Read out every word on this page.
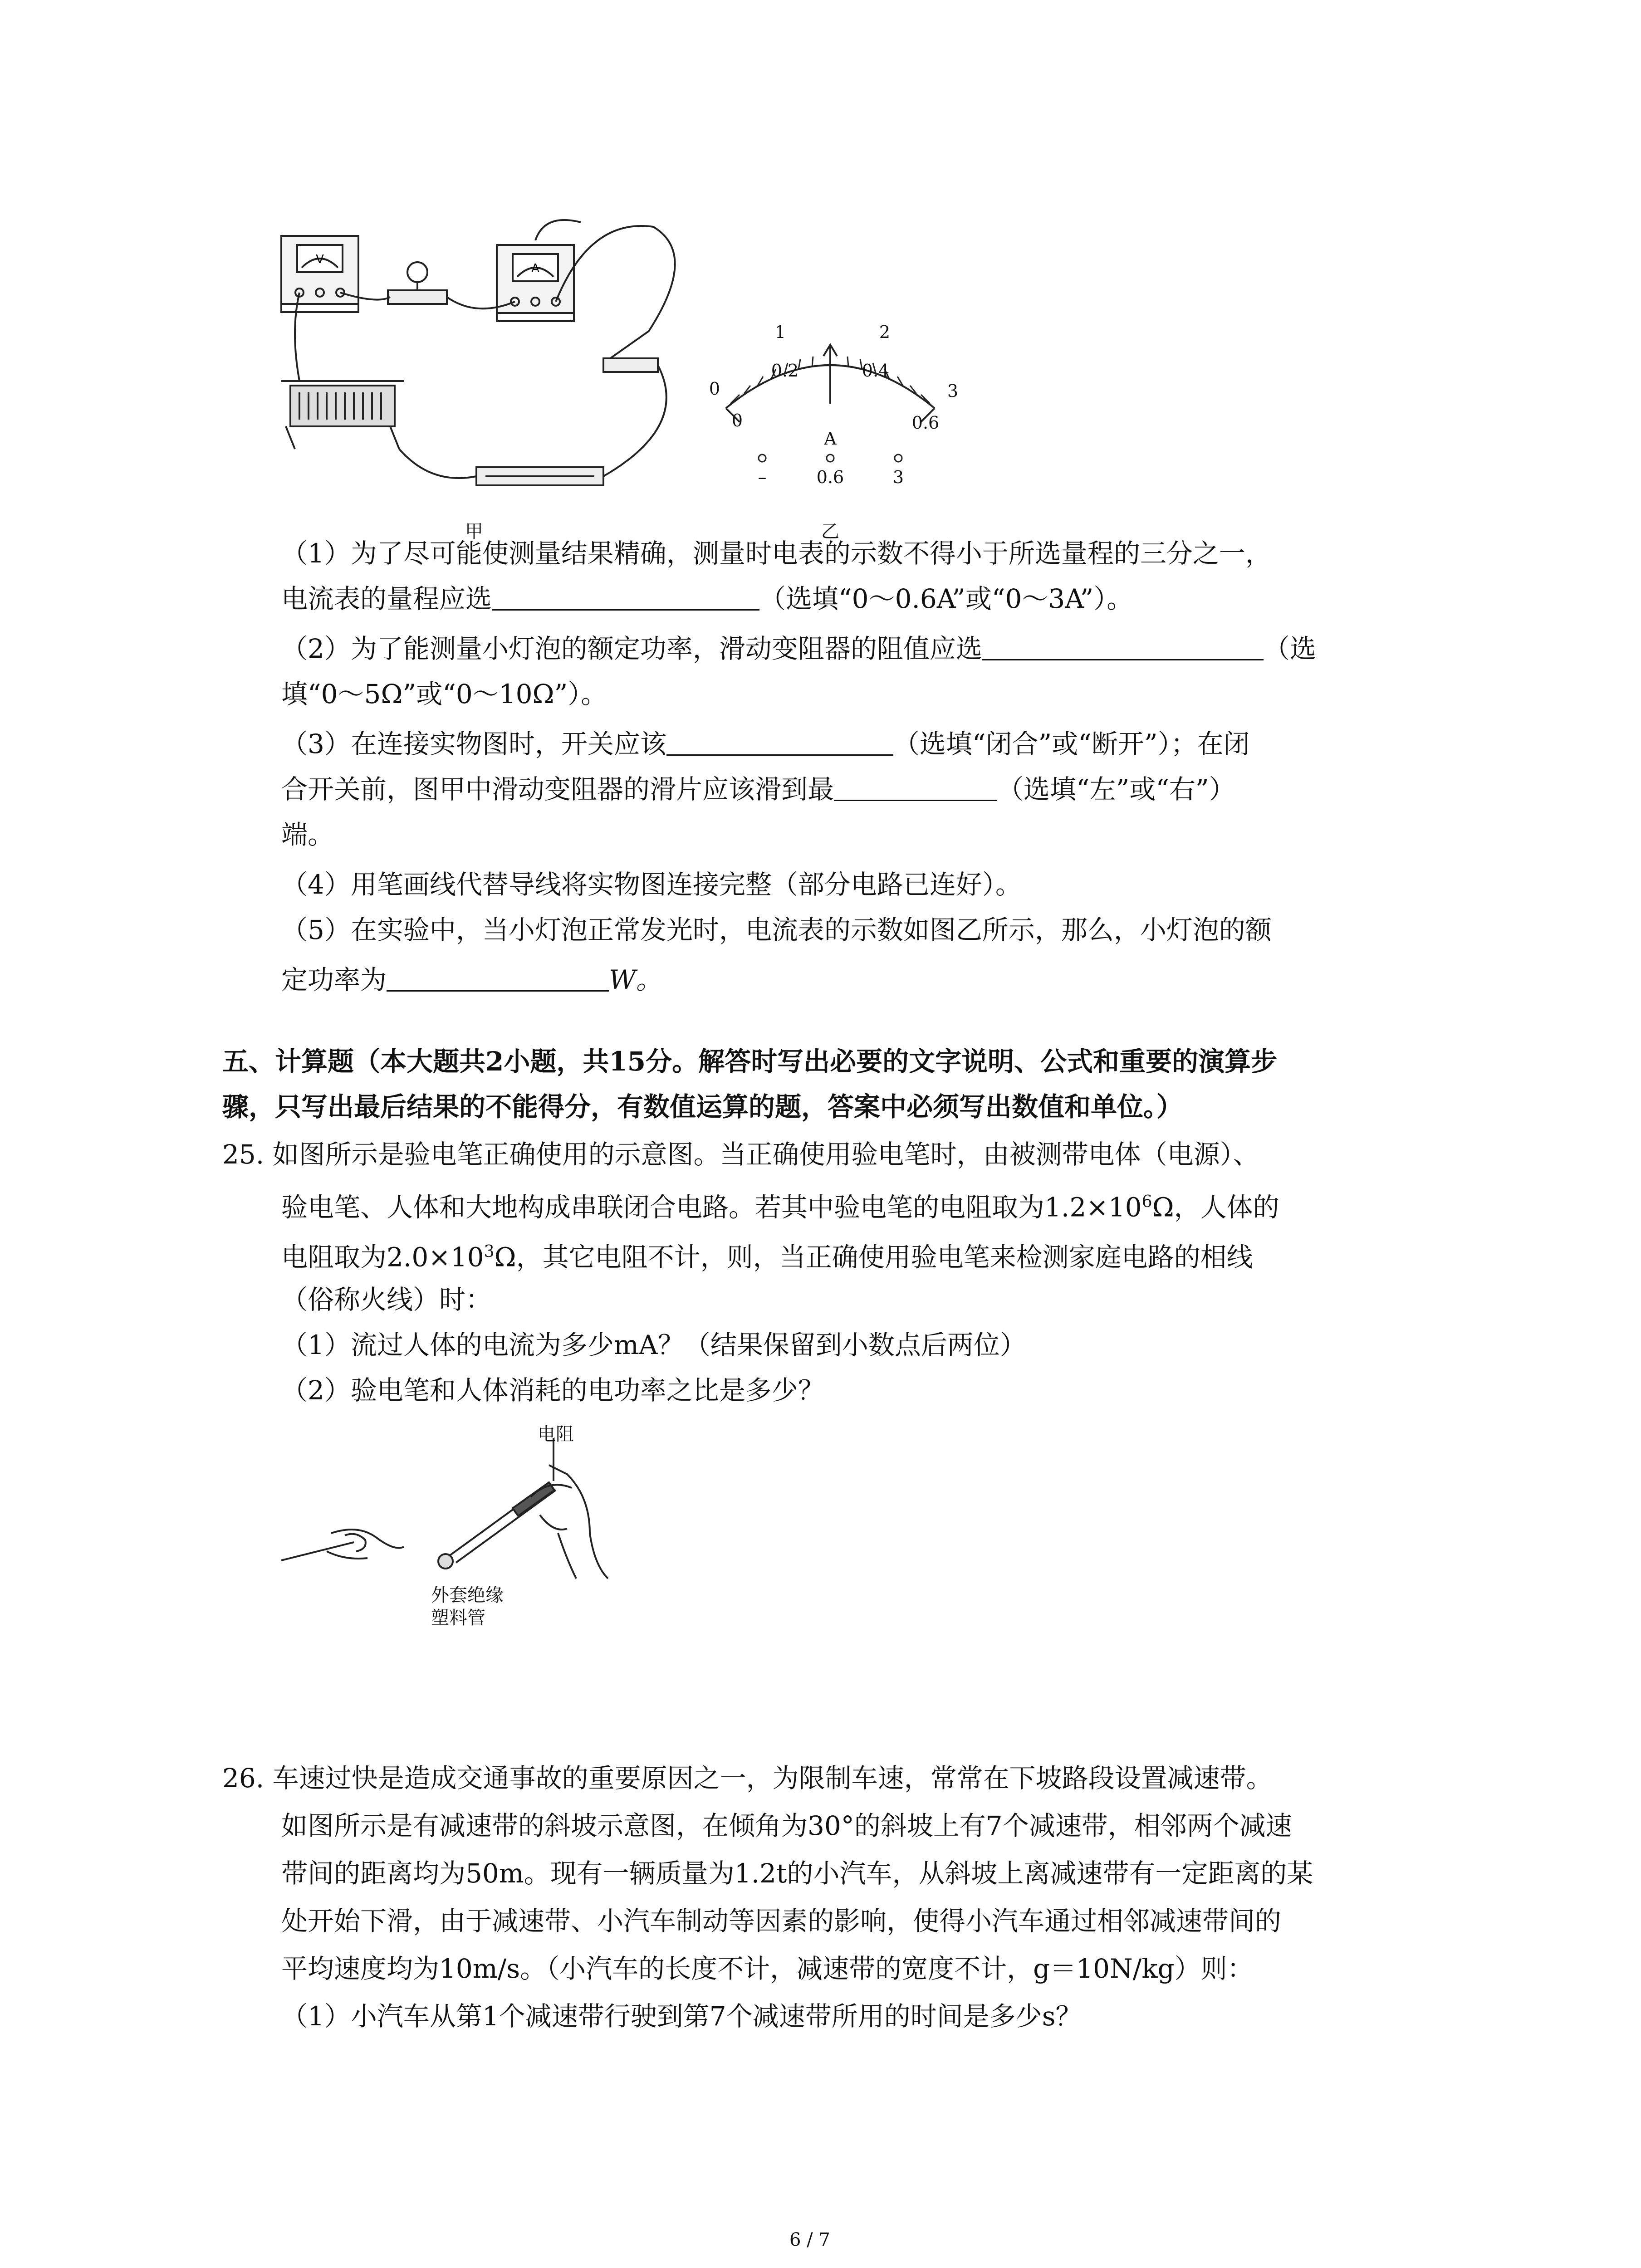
V
A
0
1	2
3
0
0.2	0.4
0.6
A
–	0.6	3
甲	乙
（1）为了尽可能使测量结果精确，测量时电表的示数不得小于所选量程的三分之一，
电流表的量程应选	（选填“0～0.6A”或“0～3A”）。
（2）为了能测量小灯泡的额定功率，滑动变阻器的阻值应选	（选
填“0～5Ω”或“0～10Ω”）。
（3）在连接实物图时，开关应该	（选填“闭合”或“断开”）；在闭
合开关前，图甲中滑动变阻器的滑片应该滑到最	（选填“左”或“右”）
端。
（4）用笔画线代替导线将实物图连接完整（部分电路已连好）。
（5）在实验中，当小灯泡正常发光时，电流表的示数如图乙所示，那么，小灯泡的额
定功率为	W。
五、计算题（本大题共2小题，共15分。解答时写出必要的文字说明、公式和重要的演算步
骤，只写出最后结果的不能得分，有数值运算的题，答案中必须写出数值和单位。）
25. 如图所示是验电笔正确使用的示意图。当正确使用验电笔时，由被测带电体（电源）、
验电笔、人体和大地构成串联闭合电路。若其中验电笔的电阻取为$1.2\times 10^6\Omega$，人体的
电阻取为$2.0\times 10^3\Omega$，其它电阻不计，则，当正确使用验电笔来检测家庭电路的相线
（俗称火线）时：
（1）流过人体的电流为多少mA？（结果保留到小数点后两位）
（2）验电笔和人体消耗的电功率之比是多少？
电阻
外套绝缘
塑料管
26. 车速过快是造成交通事故的重要原因之一，为限制车速，常常在下坡路段设置减速带。
如图所示是有减速带的斜坡示意图，在倾角为30°的斜坡上有7个减速带，相邻两个减速
带间的距离均为50m。现有一辆质量为1.2t的小汽车，从斜坡上离减速带有一定距离的某
处开始下滑，由于减速带、小汽车制动等因素的影响，使得小汽车通过相邻减速带间的
平均速度均为10m/s。（小汽车的长度不计，减速带的宽度不计，g＝10N/kg）则：
（1）小汽车从第1个减速带行驶到第7个减速带所用的时间是多少s？
6 / 7
